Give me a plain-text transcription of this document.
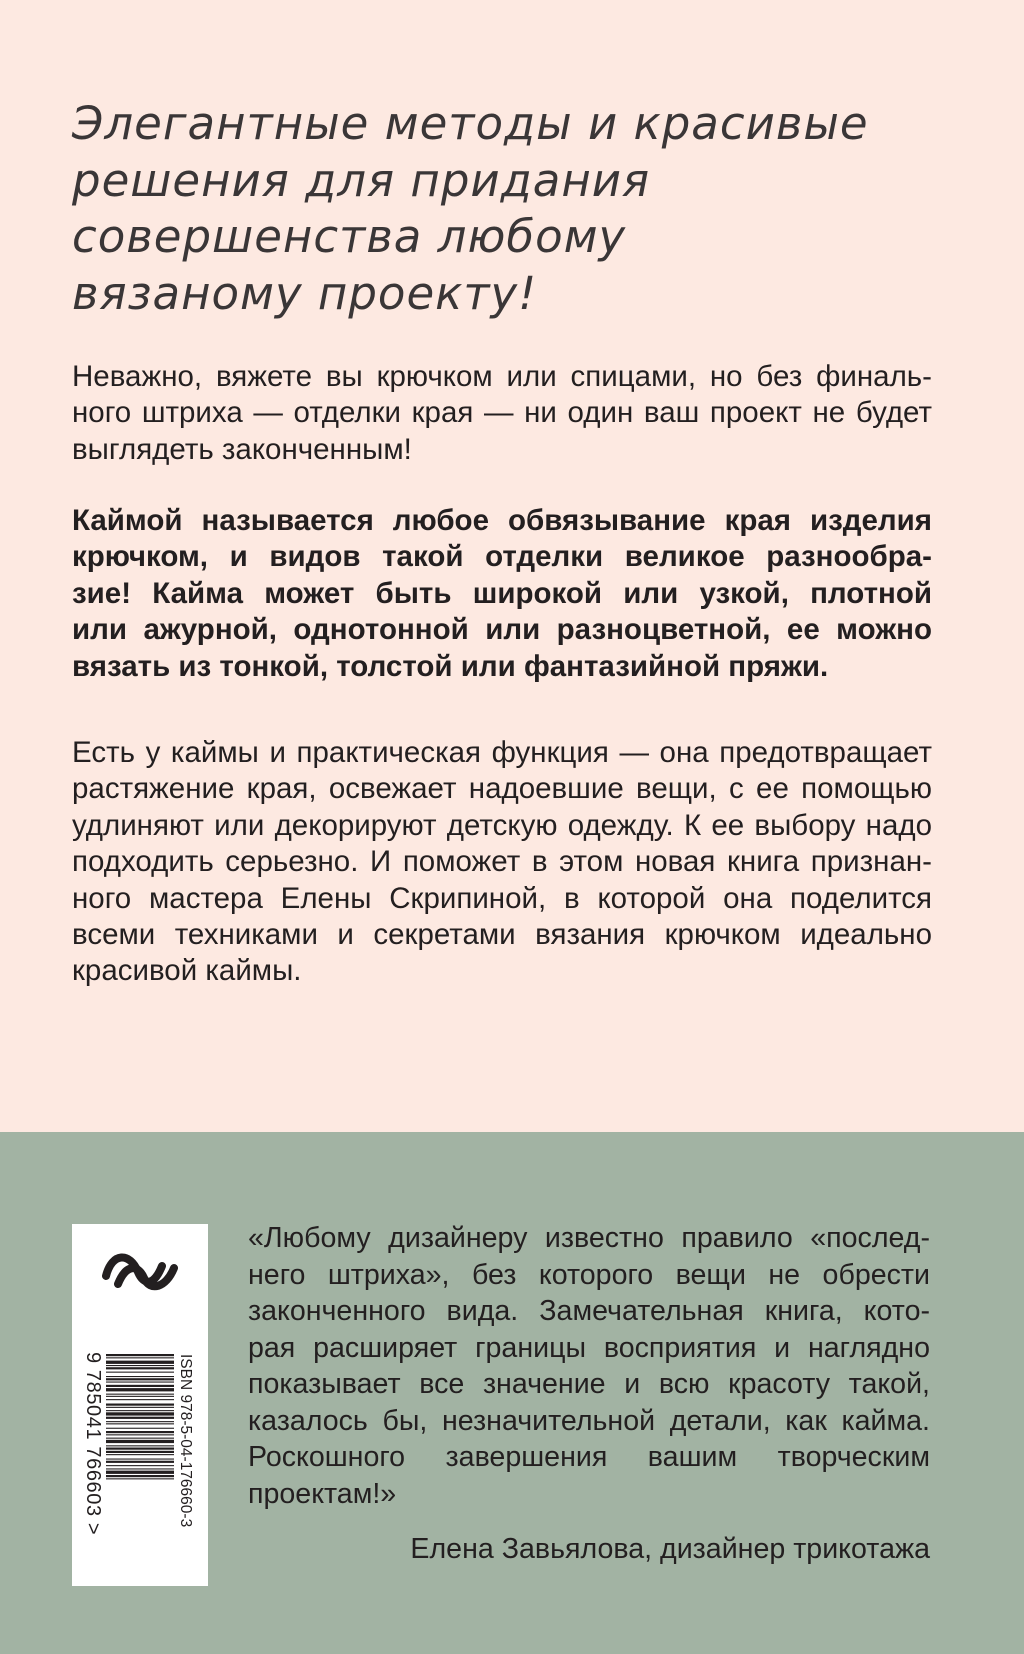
Элегантные методы и красивые
решения для придания
совершенства любому
вязаному проекту!

Неважно, вяжете вы крючком или спицами, но без финаль-
ного штриха — отделки края — ни один ваш проект не будет
выглядеть законченным!

Каймой называется любое обвязывание края изделия
крючком, и видов такой отделки великое разнообра-
зие! Кайма может быть широкой или узкой, плотной
или ажурной, однотонной или разноцветной, ее можно
вязать из тонкой, толстой или фантазийной пряжи.

Есть у каймы и практическая функция — она предотвращает
растяжение края, освежает надоевшие вещи, с ее помощью
удлиняют или декорируют детскую одежду. К ее выбору надо
подходить серьезно. И поможет в этом новая книга признан-
ного мастера Елены Скрипиной, в которой она поделится
всеми техниками и секретами вязания крючком идеально
красивой каймы.

ISBN 978-5-04-176660-3

9 785041 766603 >

«Любому дизайнеру известно правило «послед-
него штриха», без которого вещи не обрести
законченного вида. Замечательная книга, кото-
рая расширяет границы восприятия и наглядно
показывает все значение и всю красоту такой,
казалось бы, незначительной детали, как кайма.
Роскошного завершения вашим творческим
проектам!»

Елена Завьялова, дизайнер трикотажа
